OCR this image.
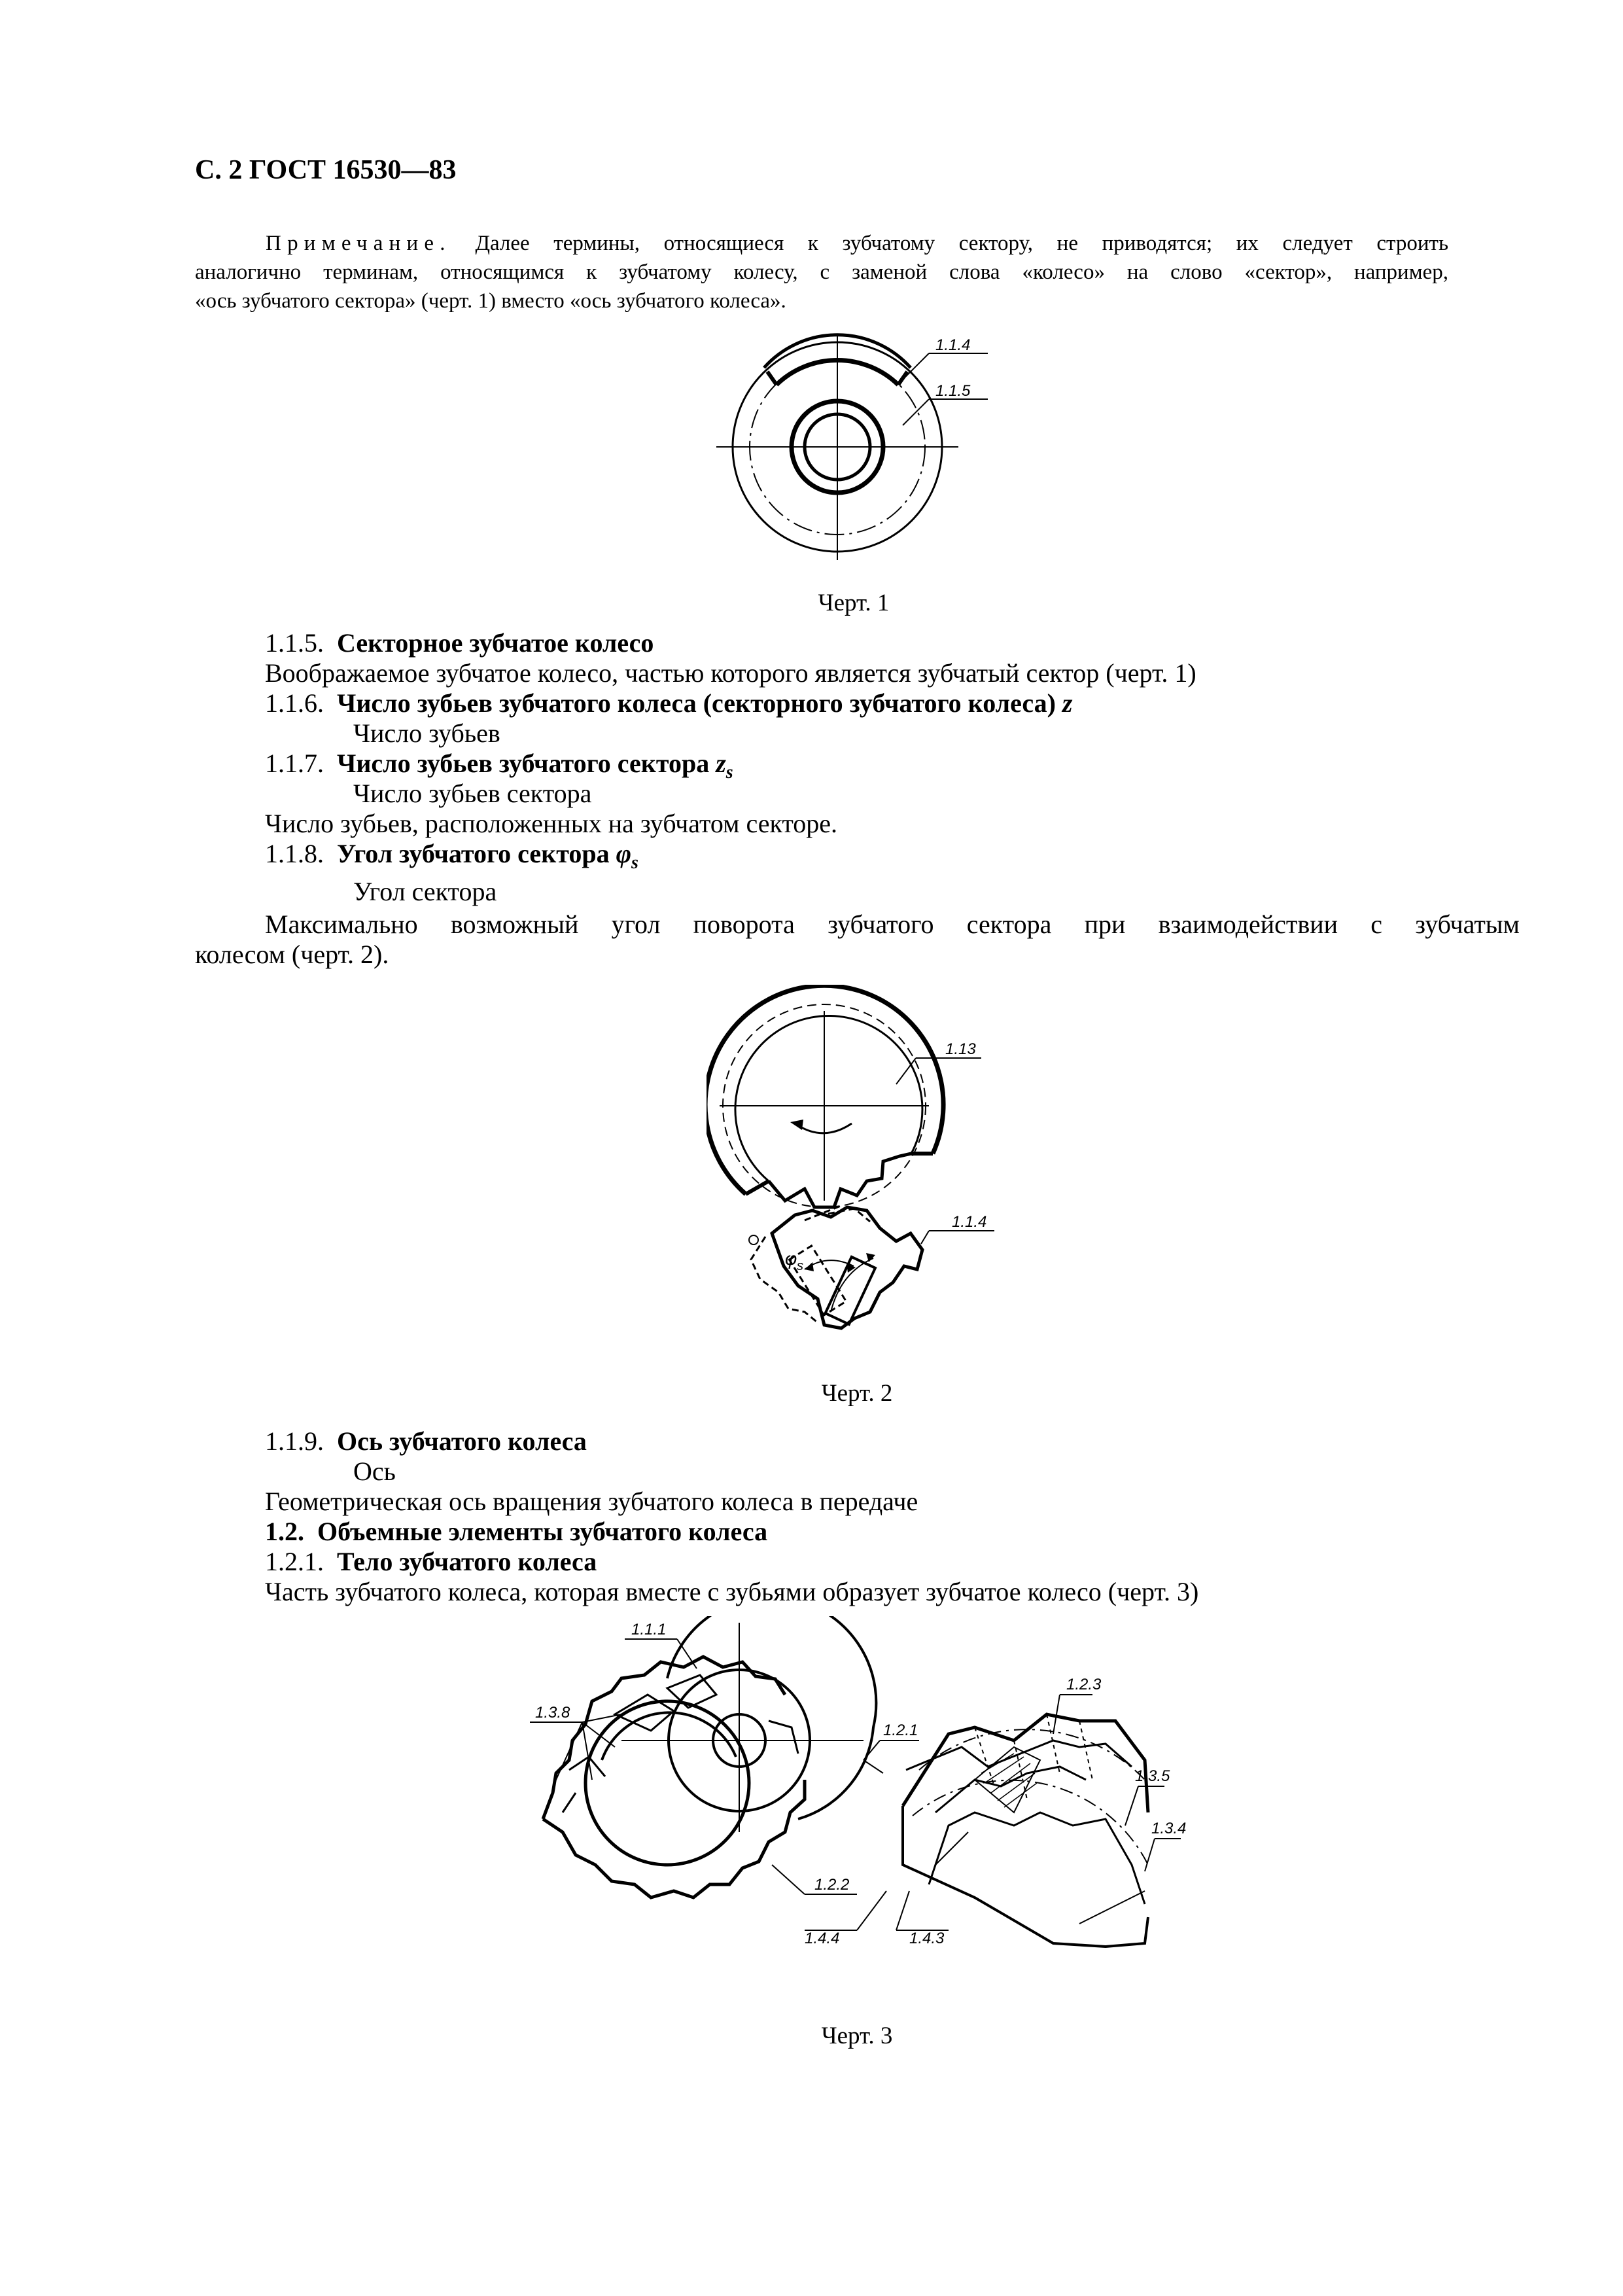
С. 2 ГОСТ 16530—83

Примечание. Далее термины, относящиеся к зубчатому сектору, не приводятся; их следует строить

аналогично терминам, относящимся к зубчатому колесу, с заменой слова «колесо» на слово «сектор», например,

«ось зубчатого сектора» (черт. 1) вместо «ось зубчатого колеса».

1.1.4
1.1.5
Черт. 1
1.1.5. Секторное зубчатое колесо
Воображаемое зубчатое колесо, частью которого является зубчатый сектор (черт. 1)
1.1.6. Число зубьев зубчатого колеса (секторного зубчатого колеса) z
Число зубьев
1.1.7. Число зубьев зубчатого сектора $z_s$
Число зубьев сектора
Число зубьев, расположенных на зубчатом секторе.
1.1.8. Угол зубчатого сектора $\varphi_s$
Угол сектора
Максимально возможный угол поворота зубчатого сектора при взаимодействии с зубчатым
колесом (черт. 2).
1.13
1.1.4
φ s
Черт. 2
1.1.9. Ось зубчатого колеса
Ось
Геометрическая ось вращения зубчатого колеса в передаче
1.2. Объемные элементы зубчатого колеса
1.2.1. Тело зубчатого колеса
Часть зубчатого колеса, которая вместе с зубьями образует зубчатое колесо (черт. 3)
1.1.1
1.3.8
1.2.3
1.2.1
1.3.5
1.3.4
1.2.2
1.4.4	1.4.3
Черт. 3
